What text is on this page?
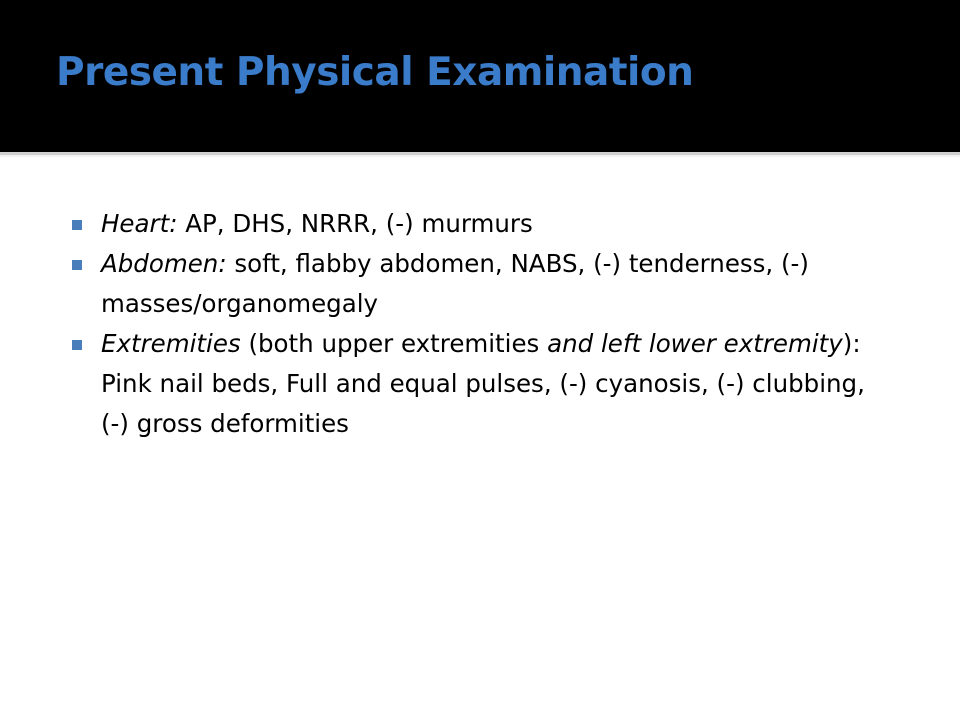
Present Physical Examination
Heart: AP, DHS, NRRR, (-) murmurs
Abdomen: soft, flabby abdomen, NABS, (-) tenderness, (-) masses/organomegaly
Extremities (both upper extremities and left lower extremity): Pink nail beds, Full and equal pulses, (-) cyanosis, (-) clubbing, (-) gross deformities
